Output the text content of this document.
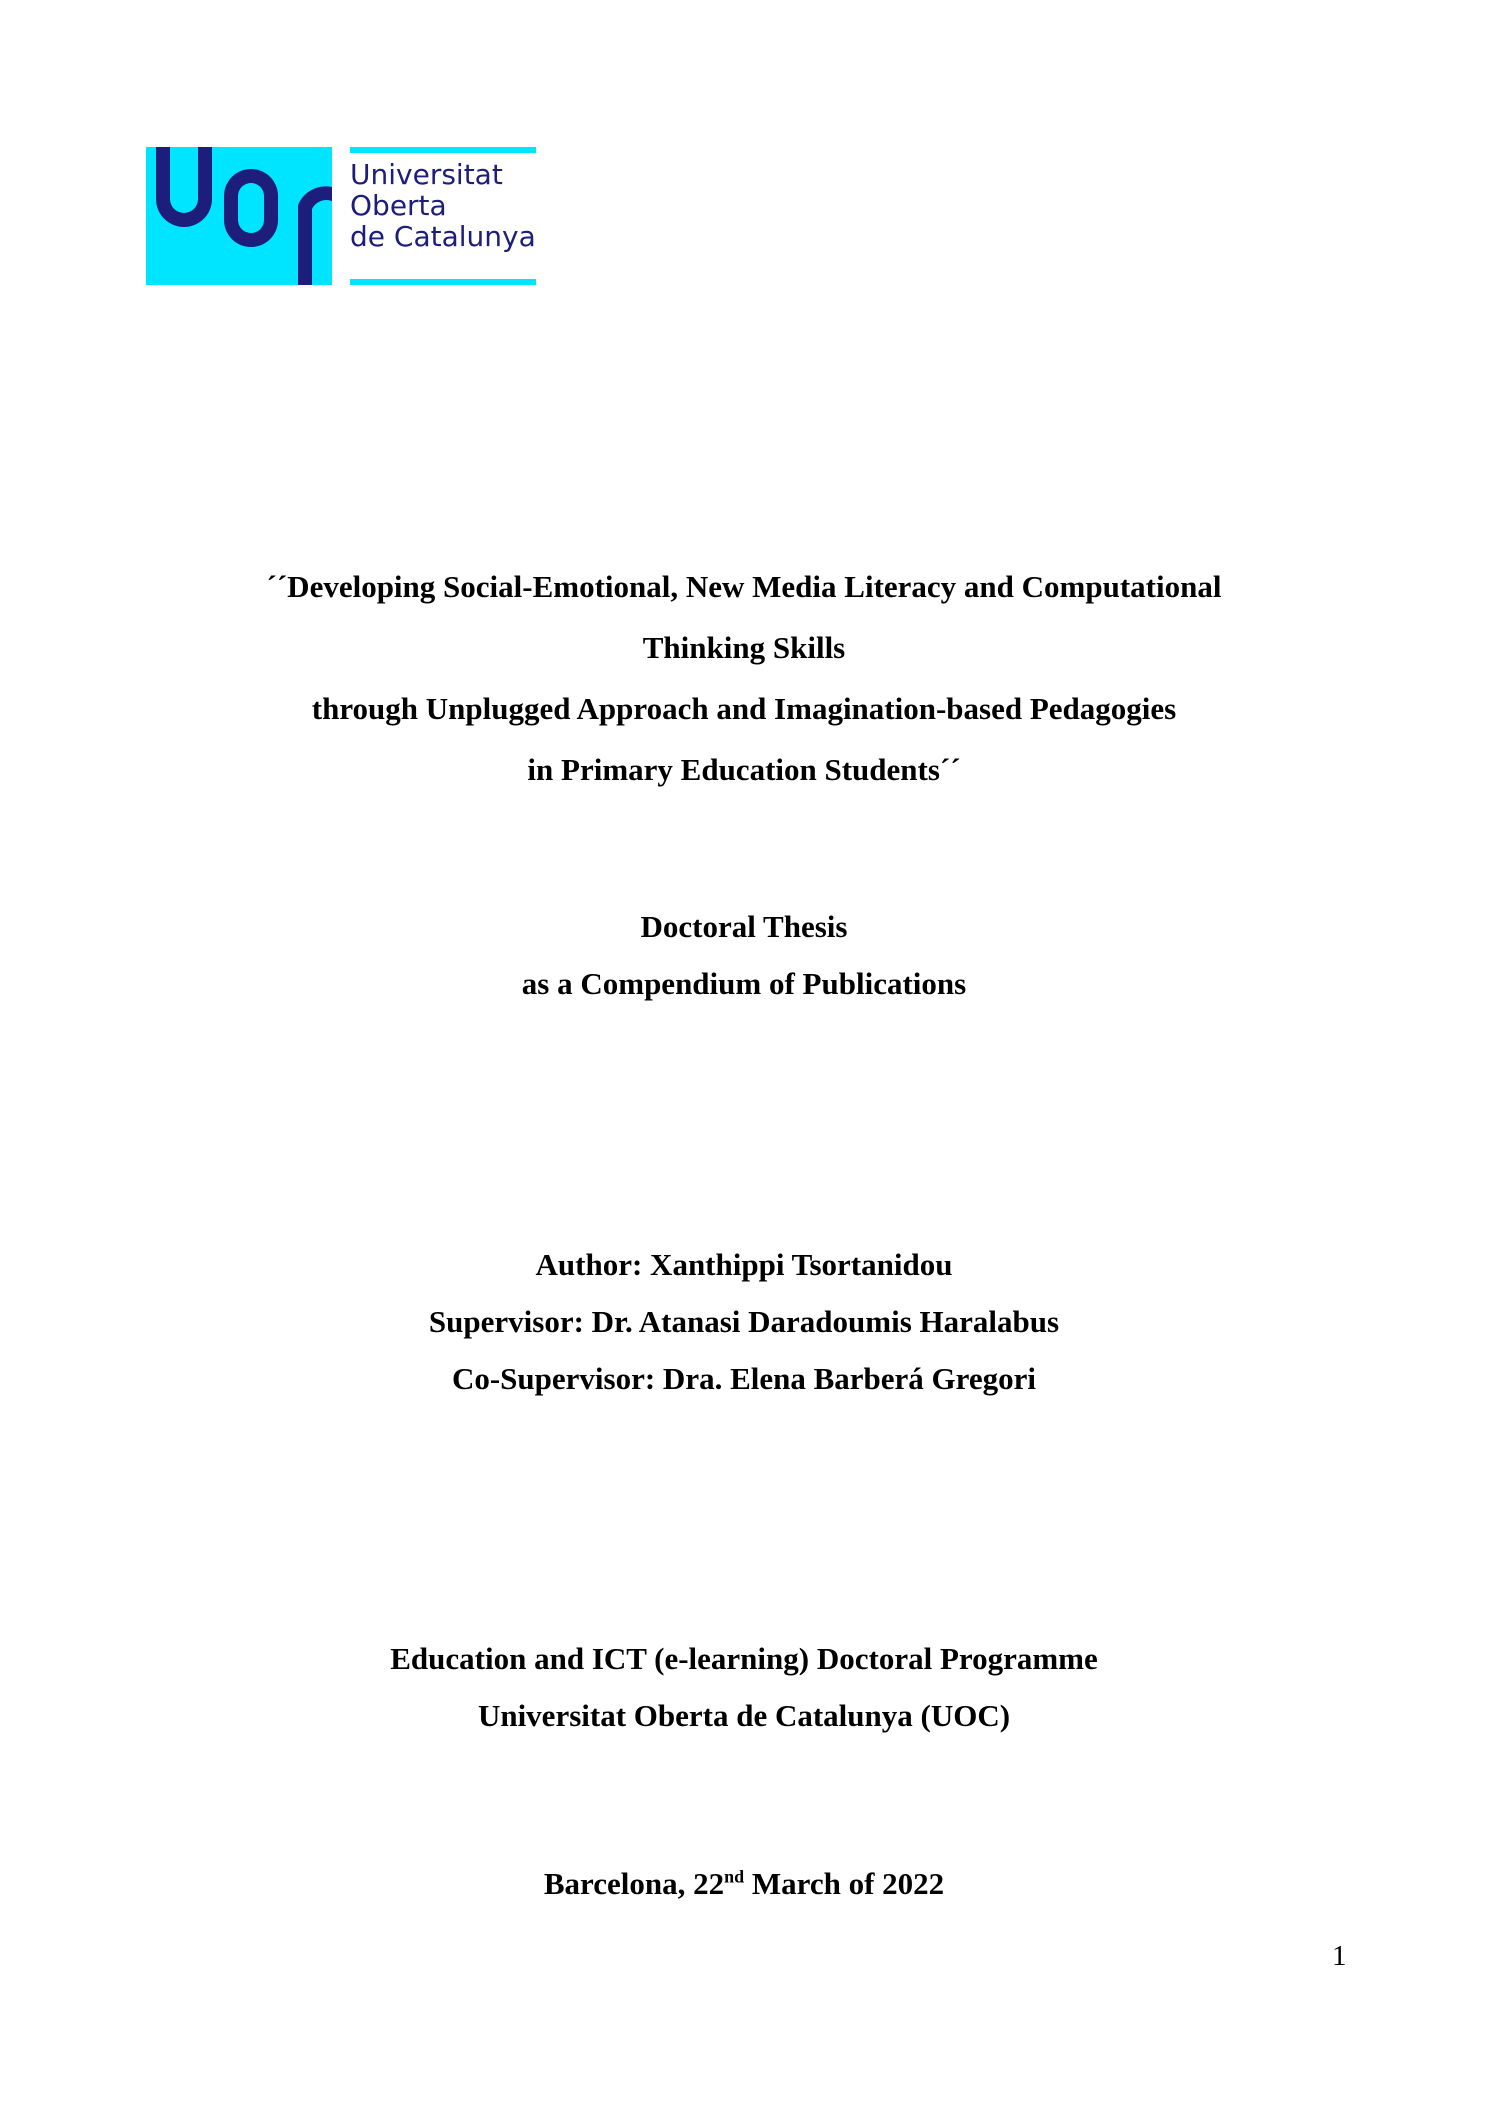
Universitat
Oberta
de Catalunya
´´Developing Social-Emotional, New Media Literacy and Computational
Thinking Skills
through Unplugged Approach and Imagination-based Pedagogies
in Primary Education Students´´
Doctoral Thesis
as a Compendium of Publications
Author: Xanthippi Tsortanidou
Supervisor: Dr. Atanasi Daradoumis Haralabus
Co-Supervisor: Dra. Elena Barberá Gregori
Education and ICT (e-learning) Doctoral Programme
Universitat Oberta de Catalunya (UOC)
Barcelona, 22nd March of 2022
1
